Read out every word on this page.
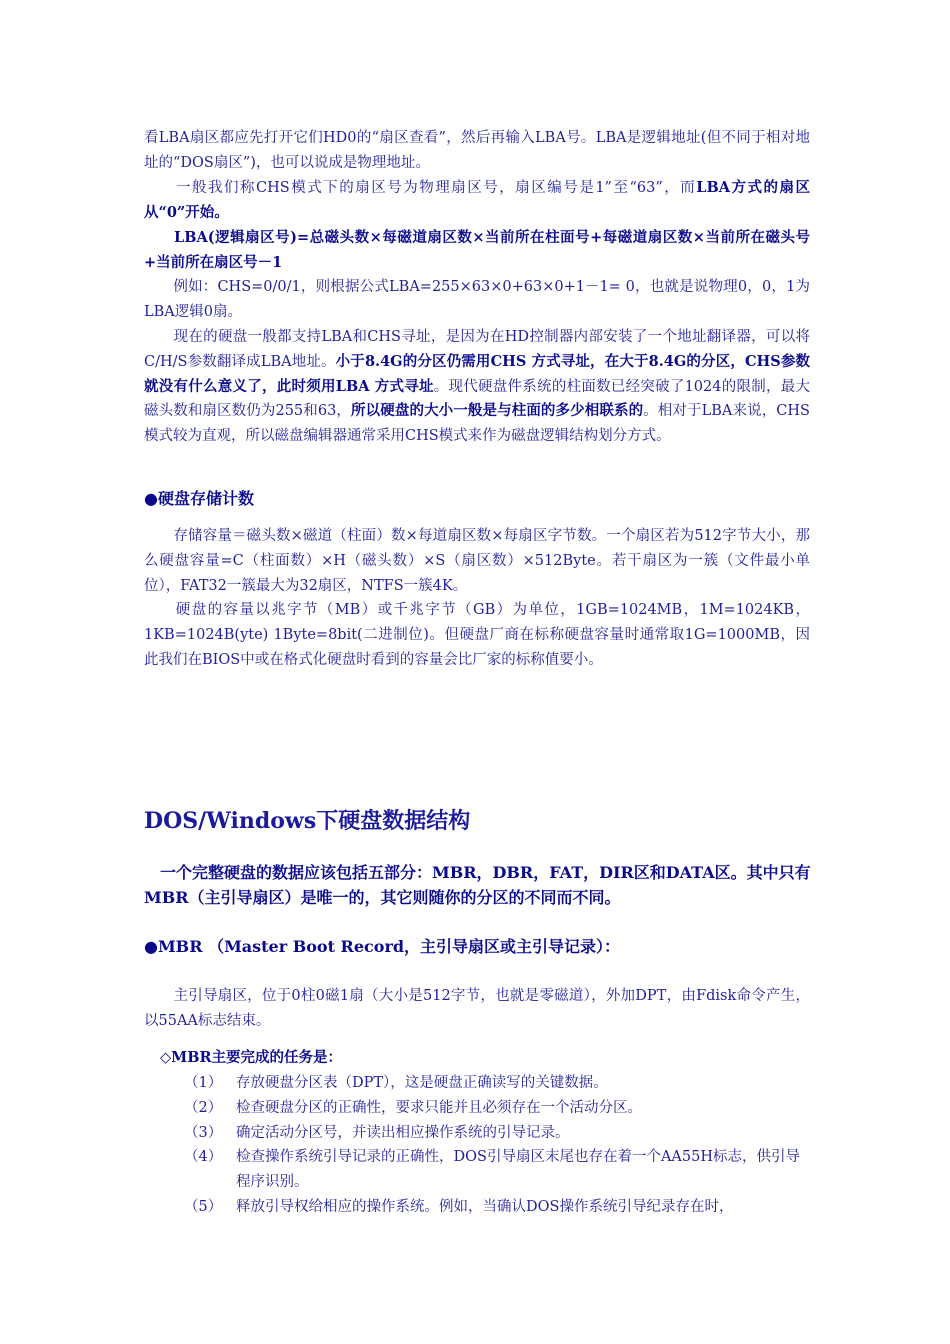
看LBA扇区都应先打开它们HD0的“扇区查看”，然后再输入LBA号。LBA是逻辑地址(但不同于相对地址的“DOS扇区”)，也可以说成是物理地址。

　　一般我们称CHS模式下的扇区号为物理扇区号，扇区编号是1”至“63”，而LBA方式的扇区从“0”开始。

　　LBA(逻辑扇区号)=总磁头数×每磁道扇区数×当前所在柱面号+每磁道扇区数×当前所在磁头号+当前所在扇区号－1

　　例如：CHS=0/0/1，则根据公式LBA=255×63×0+63×0+1－1= 0，也就是说物理0，0，1为LBA逻辑0扇。

　　现在的硬盘一般都支持LBA和CHS寻址，是因为在HD控制器内部安装了一个地址翻译器，可以将C/H/S参数翻译成LBA地址。小于8.4G的分区仍需用CHS 方式寻址，在大于8.4G的分区，CHS参数就没有什么意义了，此时须用LBA 方式寻址。现代硬盘件系统的柱面数已经突破了1024的限制，最大磁头数和扇区数仍为255和63，所以硬盘的大小一般是与柱面的多少相联系的。相对于LBA来说，CHS模式较为直观，所以磁盘编辑器通常采用CHS模式来作为磁盘逻辑结构划分方式。

●硬盘存储计数

　　存储容量＝磁头数×磁道（柱面）数×每道扇区数×每扇区字节数。一个扇区若为512字节大小，那么硬盘容量=C（柱面数）×H（磁头数）×S（扇区数）×512Byte。若干扇区为一簇（文件最小单位），FAT32一簇最大为32扇区，NTFS一簇4K。

　　硬盘的容量以兆字节（MB）或千兆字节（GB）为单位，1GB=1024MB，1M=1024KB，1KB=1024B(yte) 1Byte=8bit(二进制位)。但硬盘厂商在标称硬盘容量时通常取1G=1000MB，因此我们在BIOS中或在格式化硬盘时看到的容量会比厂家的标称值要小。

DOS/Windows下硬盘数据结构

　一个完整硬盘的数据应该包括五部分：MBR，DBR，FAT，DIR区和DATA区。其中只有MBR（主引导扇区）是唯一的，其它则随你的分区的不同而不同。

●MBR （Master Boot Record，主引导扇区或主引导记录）：

　　主引导扇区，位于0柱0磁1扇（大小是512字节，也就是零磁道），外加DPT，由Fdisk命令产生，以55AA标志结束。

◇MBR主要完成的任务是：
（1） 存放硬盘分区表（DPT），这是硬盘正确读写的关键数据。
（2） 检查硬盘分区的正确性，要求只能并且必须存在一个活动分区。
（3） 确定活动分区号，并读出相应操作系统的引导记录。
（4） 检查操作系统引导记录的正确性，DOS引导扇区末尾也存在着一个AA55H标志，供引导程序识别。
（5） 释放引导权给相应的操作系统。例如，当确认DOS操作系统引导纪录存在时，
